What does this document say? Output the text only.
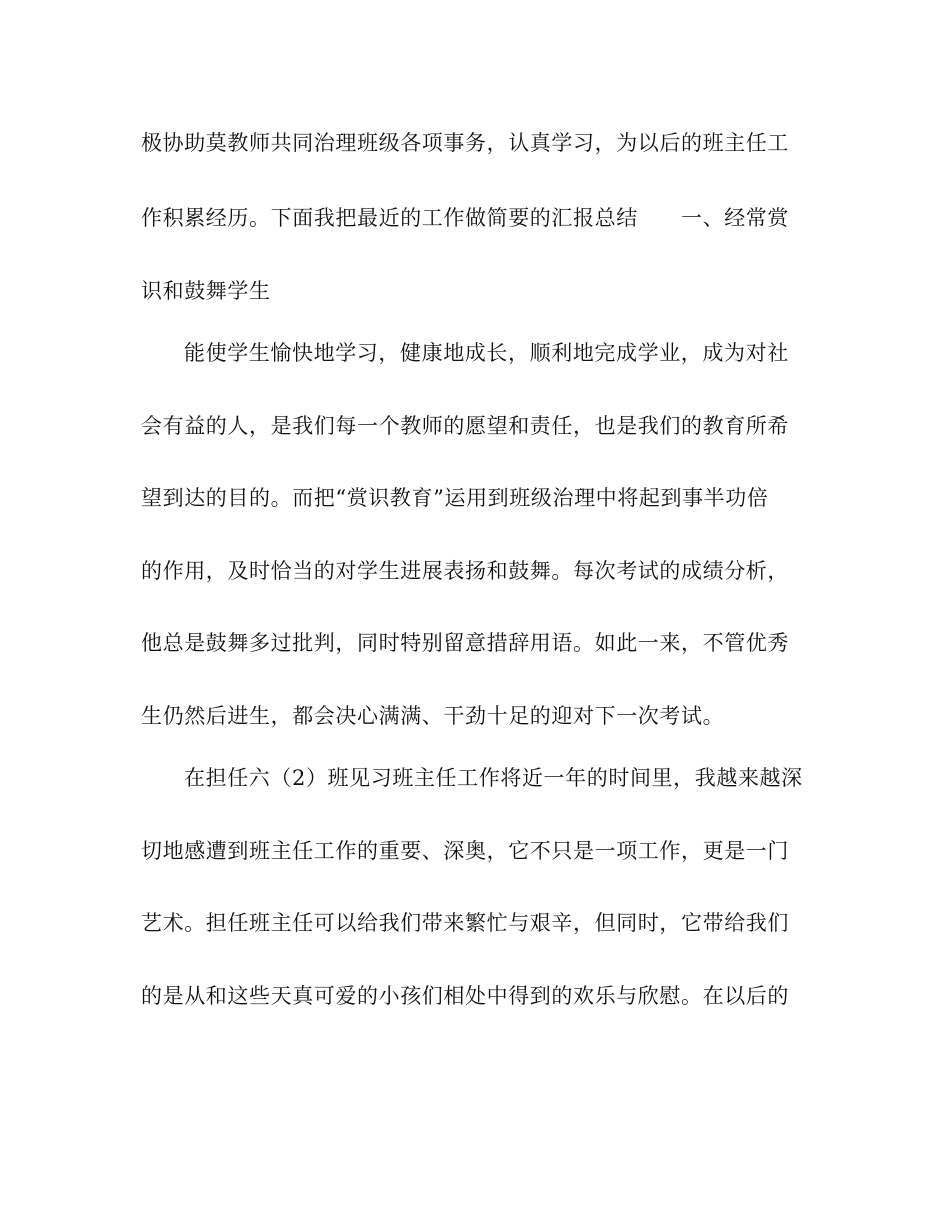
极协助莫教师共同治理班级各项事务，认真学习，为以后的班主任工
作积累经历。下面我把最近的工作做简要的汇报总结　　一、经常赏
识和鼓舞学生
能使学生愉快地学习，健康地成长，顺利地完成学业，成为对社
会有益的人，是我们每一个教师的愿望和责任，也是我们的教育所希
望到达的目的。而把“赏识教育”运用到班级治理中将起到事半功倍
的作用，及时恰当的对学生进展表扬和鼓舞。每次考试的成绩分析，
他总是鼓舞多过批判，同时特别留意措辞用语。如此一来，不管优秀
生仍然后进生，都会决心满满、干劲十足的迎对下一次考试。
在担任六（2）班见习班主任工作将近一年的时间里，我越来越深
切地感遭到班主任工作的重要、深奥，它不只是一项工作，更是一门
艺术。担任班主任可以给我们带来繁忙与艰辛，但同时，它带给我们
的是从和这些天真可爱的小孩们相处中得到的欢乐与欣慰。在以后的
